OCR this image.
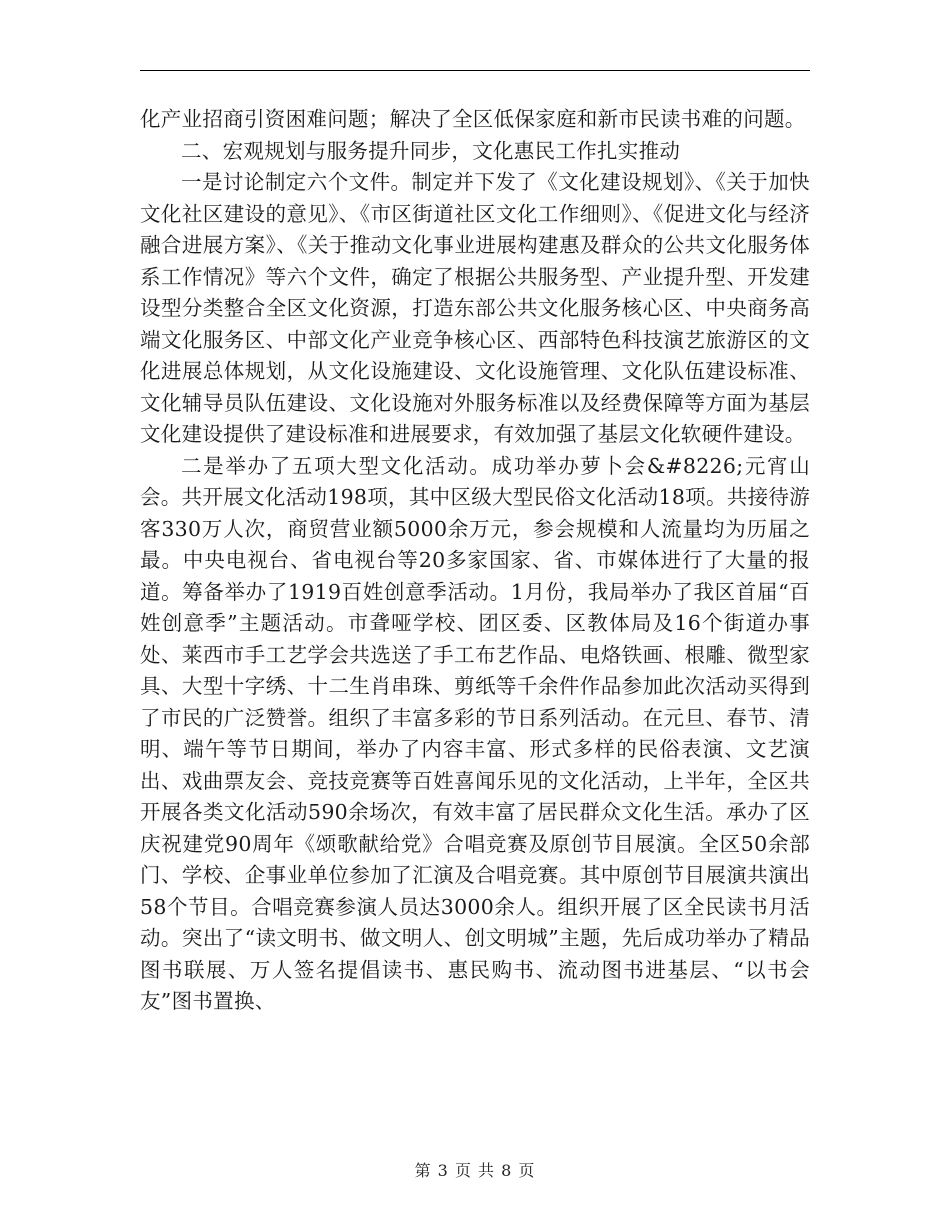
化产业招商引资困难问题；解决了全区低保家庭和新市民读书难的问题。

二、宏观规划与服务提升同步，文化惠民工作扎实推动

一是讨论制定六个文件。制定并下发了《文化建设规划》、《关于加快文化社区建设的意见》、《市区街道社区文化工作细则》、《促进文化与经济融合进展方案》、《关于推动文化事业进展构建惠及群众的公共文化服务体系工作情况》等六个文件，确定了根据公共服务型、产业提升型、开发建设型分类整合全区文化资源，打造东部公共文化服务核心区、中央商务高端文化服务区、中部文化产业竞争核心区、西部特色科技演艺旅游区的文化进展总体规划，从文化设施建设、文化设施管理、文化队伍建设标准、文化辅导员队伍建设、文化设施对外服务标准以及经费保障等方面为基层文化建设提供了建设标准和进展要求，有效加强了基层文化软硬件建设。

二是举办了五项大型文化活动。成功举办萝卜会&#8226;元宵山会。共开展文化活动198项，其中区级大型民俗文化活动18项。共接待游客330万人次，商贸营业额5000余万元，参会规模和人流量均为历届之最。中央电视台、省电视台等20多家国家、省、市媒体进行了大量的报道。筹备举办了1919百姓创意季活动。1月份，我局举办了我区首届“百姓创意季”主题活动。市聋哑学校、团区委、区教体局及16个街道办事处、莱西市手工艺学会共选送了手工布艺作品、电烙铁画、根雕、微型家具、大型十字绣、十二生肖串珠、剪纸等千余件作品参加此次活动买得到了市民的广泛赞誉。组织了丰富多彩的节日系列活动。在元旦、春节、清明、端午等节日期间，举办了内容丰富、形式多样的民俗表演、文艺演出、戏曲票友会、竞技竞赛等百姓喜闻乐见的文化活动，上半年，全区共开展各类文化活动590余场次，有效丰富了居民群众文化生活。承办了区庆祝建党90周年《颂歌献给党》合唱竞赛及原创节目展演。全区50余部门、学校、企事业单位参加了汇演及合唱竞赛。其中原创节目展演共演出58个节目。合唱竞赛参演人员达3000余人。组织开展了区全民读书月活动。突出了“读文明书、做文明人、创文明城”主题，先后成功举办了精品图书联展、万人签名提倡读书、惠民购书、流动图书进基层、“以书会友”图书置换、

第 3 页 共 8 页
